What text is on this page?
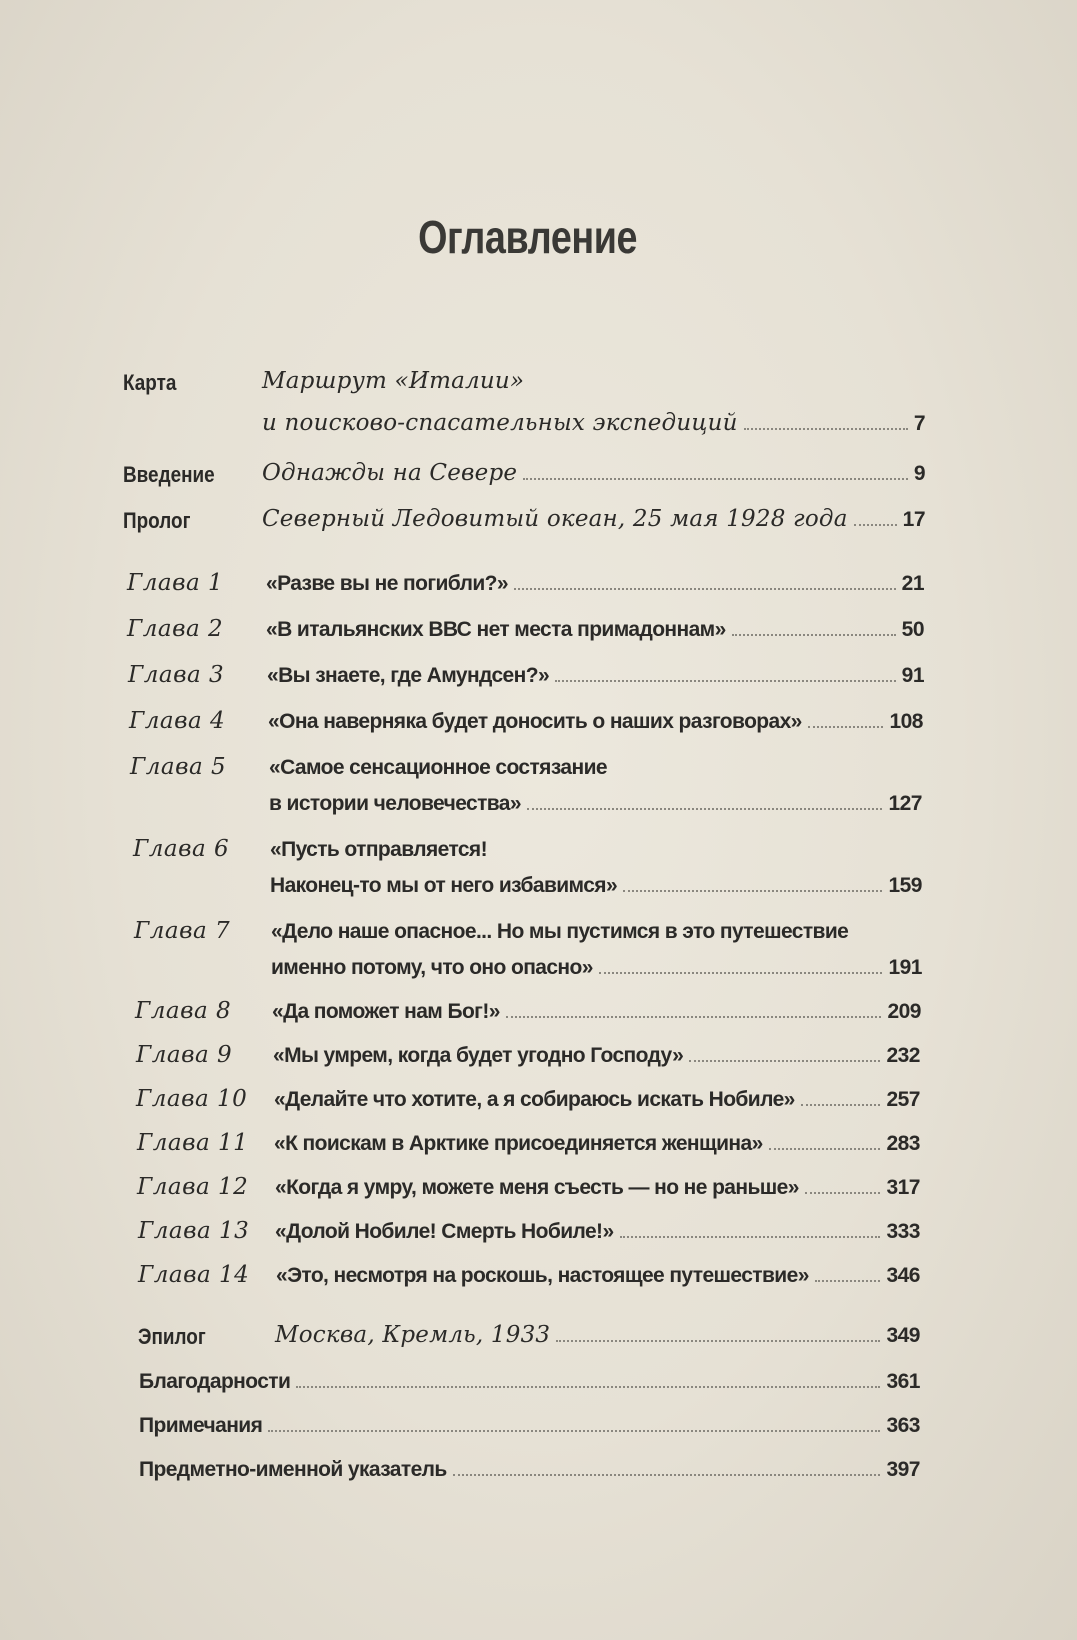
Оглавление
Карта	Маршрут «Италии»
и поисково-спасательных экспедиций	7
Введение Однажды на Севере	9
Пролог	Северный Ледовитый океан, 25 мая 1928 года	17
Глава 1 «Разве вы не погибли?»	21
Глава 2 «В итальянских ВВС нет места примадоннам»	50
Глава 3 «Вы знаете, где Амундсен?»	91
Глава 4 «Она наверняка будет доносить о наших разговорах»	108
Глава 5 «Самое сенсационное состязание
в истории человечества»	127
Глава 6 «Пусть отправляется!
Наконец-то мы от него избавимся»	159
Глава 7 «Дело наше опасное... Но мы пустимся в это путешествие
именно потому, что оно опасно»	191
Глава 8 «Да поможет нам Бог!»	209
Глава 9 «Мы умрем, когда будет угодно Господу»	232
Глава 10 «Делайте что хотите, а я собираюсь искать Нобиле»	257
Глава 11 «К поискам в Арктике присоединяется женщина»	283
Глава 12 «Когда я умру, можете меня съесть — но не раньше»	317
Глава 13 «Долой Нобиле! Смерть Нобиле!»	333
Глава 14 «Это, несмотря на роскошь, настоящее путешествие»	346
Эпилог	Москва, Кремль, 1933	349
Благодарности	361
Примечания	363
Предметно-именной указатель	397
